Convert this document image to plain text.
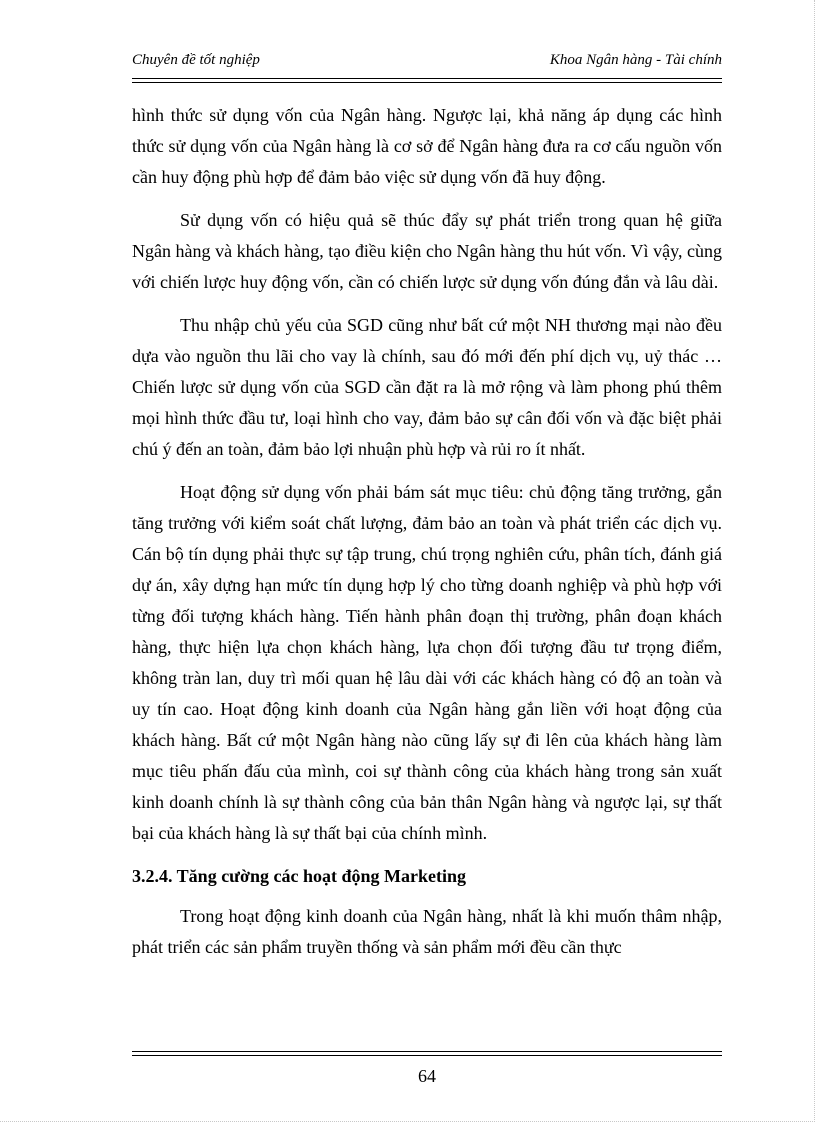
Chuyên đề tốt nghiệp	Khoa Ngân hàng - Tài chính

hình thức sử dụng vốn của Ngân hàng. Ngược lại, khả năng áp dụng các hình thức sử dụng vốn của Ngân hàng là cơ sở để Ngân hàng đưa ra cơ cấu nguồn vốn cần huy động phù hợp để đảm bảo việc sử dụng vốn đã huy động.

Sử dụng vốn có hiệu quả sẽ thúc đẩy sự phát triển trong quan hệ giữa Ngân hàng và khách hàng, tạo điều kiện cho Ngân hàng thu hút vốn. Vì vậy, cùng với chiến lược huy động vốn, cần có chiến lược sử dụng vốn đúng đắn và lâu dài.

Thu nhập chủ yếu của SGD cũng như bất cứ một NH thương mại nào đều dựa vào nguồn thu lãi cho vay là chính, sau đó mới đến phí dịch vụ, uỷ thác … Chiến lược sử dụng vốn của SGD cần đặt ra là mở rộng và làm phong phú thêm mọi hình thức đầu tư, loại hình cho vay, đảm bảo sự cân đối vốn và đặc biệt phải chú ý đến an toàn, đảm bảo lợi nhuận phù hợp và rủi ro ít nhất.

Hoạt động sử dụng vốn phải bám sát mục tiêu: chủ động tăng trưởng, gắn tăng trưởng với kiểm soát chất lượng, đảm bảo an toàn và phát triển các dịch vụ. Cán bộ tín dụng phải thực sự tập trung, chú trọng nghiên cứu, phân tích, đánh giá dự án, xây dựng hạn mức tín dụng hợp lý cho từng doanh nghiệp và phù hợp với từng đối tượng khách hàng. Tiến hành phân đoạn thị trường, phân đoạn khách hàng, thực hiện lựa chọn khách hàng, lựa chọn đối tượng đầu tư trọng điểm, không tràn lan, duy trì mối quan hệ lâu dài với các khách hàng có độ an toàn và uy tín cao. Hoạt động kinh doanh của Ngân hàng gắn liền với hoạt động của khách hàng. Bất cứ một Ngân hàng nào cũng lấy sự đi lên của khách hàng làm mục tiêu phấn đấu của mình, coi sự thành công của khách hàng trong sản xuất kinh doanh chính là sự thành công của bản thân Ngân hàng và ngược lại, sự thất bại của khách hàng là sự thất bại của chính mình.

3.2.4. Tăng cường các hoạt động Marketing

Trong hoạt động kinh doanh của Ngân hàng, nhất là khi muốn thâm nhập, phát triển các sản phẩm truyền thống và sản phẩm mới đều cần thực

64
